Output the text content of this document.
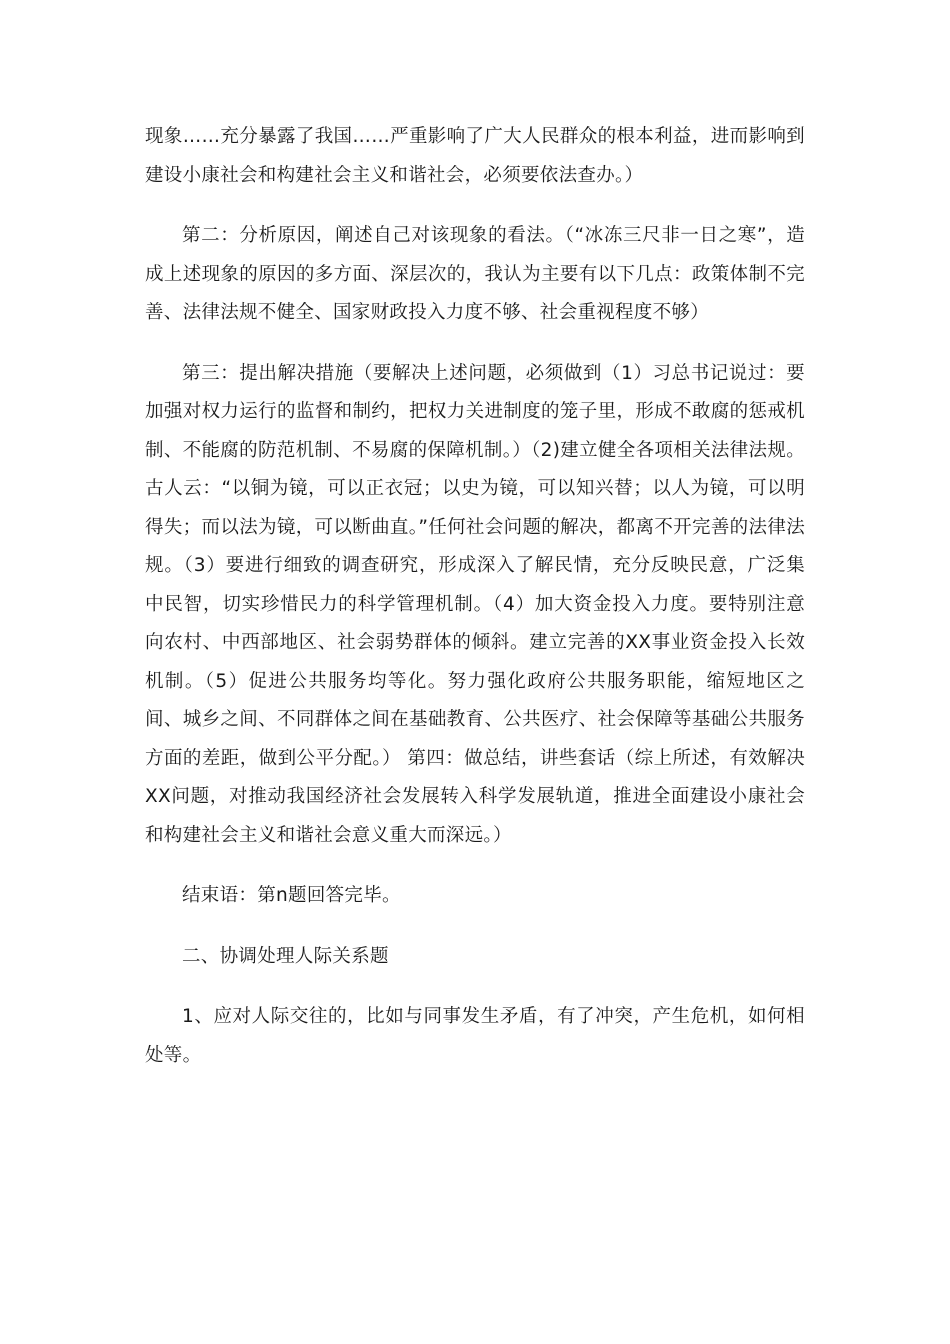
现象……充分暴露了我国……严重影响了广大人民群众的根本利益，进而影响到建设小康社会和构建社会主义和谐社会，必须要依法查办。）

第二：分析原因，阐述自己对该现象的看法。（“冰冻三尺非一日之寒”，造成上述现象的原因的多方面、深层次的，我认为主要有以下几点：政策体制不完善、法律法规不健全、国家财政投入力度不够、社会重视程度不够）

第三：提出解决措施（要解决上述问题，必须做到（1）习总书记说过：要加强对权力运行的监督和制约，把权力关进制度的笼子里，形成不敢腐的惩戒机制、不能腐的防范机制、不易腐的保障机制。）（2)建立健全各项相关法律法规。古人云：“以铜为镜，可以正衣冠；以史为镜，可以知兴替；以人为镜，可以明得失；而以法为镜，可以断曲直。”任何社会问题的解决，都离不开完善的法律法规。（3）要进行细致的调查研究，形成深入了解民情，充分反映民意，广泛集中民智，切实珍惜民力的科学管理机制。（4）加大资金投入力度。要特别注意向农村、中西部地区、社会弱势群体的倾斜。建立完善的XX事业资金投入长效机制。（5）促进公共服务均等化。努力强化政府公共服务职能，缩短地区之间、城乡之间、不同群体之间在基础教育、公共医疗、社会保障等基础公共服务方面的差距，做到公平分配。） 第四：做总结，讲些套话（综上所述，有效解决XX问题，对推动我国经济社会发展转入科学发展轨道，推进全面建设小康社会和构建社会主义和谐社会意义重大而深远。）

结束语：第n题回答完毕。

二、协调处理人际关系题

1、应对人际交往的，比如与同事发生矛盾，有了冲突，产生危机，如何相处等。
